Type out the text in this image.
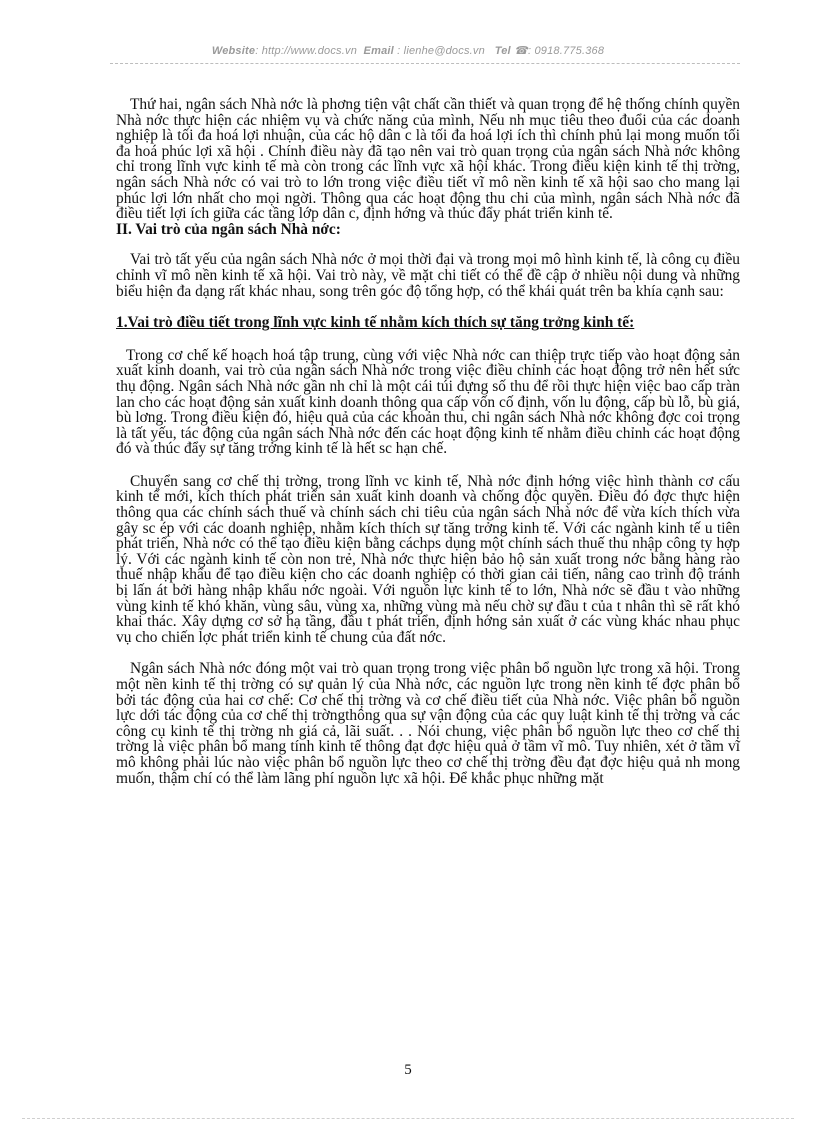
Website: http://www.docs.vn Email : lienhe@docs.vn Tel ☎: 0918.775.368

Thứ hai, ngân sách Nhà nớc là phơng tiện vật chất cần thiết và quan trọng để hệ thống chính quyền Nhà nớc thực hiện các nhiệm vụ và chức năng của mình, Nếu nh mục tiêu theo đuổi của các doanh nghiệp là tối đa hoá lợi nhuận, của các hộ dân c là tối đa hoá lợi ích thì chính phủ lại mong muốn tối đa hoá phúc lợi xã hội . Chính điều này đã tạo nên vai trò quan trọng của ngân sách Nhà nớc không chỉ trong lĩnh vực kinh tế mà còn trong các lĩnh vực xã hội khác. Trong điều kiện kinh tế thị trờng, ngân sách Nhà nớc có vai trò to lớn trong việc điều tiết vĩ mô nền kinh tế xã hội sao cho mang lại phúc lợi lớn nhất cho mọi ngời. Thông qua các hoạt động thu chi của mình, ngân sách Nhà nớc đã điều tiết lợi ích giữa các tầng lớp dân c, định hớng và thúc đẩy phát triển kinh tế.

II. Vai trò của ngân sách Nhà nớc:

Vai trò tất yếu của ngân sách Nhà nớc ở mọi thời đại và trong mọi mô hình kinh tế, là công cụ điều chỉnh vĩ mô nền kinh tế xã hội. Vai trò này, về mặt chi tiết có thể đề cập ở nhiều nội dung và những biểu hiện đa dạng rất khác nhau, song trên góc độ tổng hợp, có thể khái quát trên ba khía cạnh sau:

1.Vai trò điều tiết trong lĩnh vực kinh tế nhằm kích thích sự tăng trởng kinh tế:

Trong cơ chế kế hoạch hoá tập trung, cùng với việc Nhà nớc can thiệp trực tiếp vào hoạt động sản xuất kinh doanh, vai trò của ngân sách Nhà nớc trong việc điều chỉnh các hoạt động trở nên hết sức thụ động. Ngân sách Nhà nớc gần nh chỉ là một cái túi đựng số thu để rồi thực hiện việc bao cấp tràn lan cho các hoạt động sản xuất kinh doanh thông qua cấp vốn cố định, vốn lu động, cấp bù lỗ, bù giá, bù lơng. Trong điều kiện đó, hiệu quả của các khoản thu, chi ngân sách Nhà nớc không đợc coi trọng là tất yếu, tác động của ngân sách Nhà nớc đến các hoạt động kinh tế nhằm điều chỉnh các hoạt động đó và thúc đẩy sự tăng trởng kinh tế là hết sc hạn chế.

Chuyển sang cơ chế thị trờng, trong lĩnh vc kinh tế, Nhà nớc định hớng việc hình thành cơ cấu kinh tế mới, kích thích phát triển sản xuất kinh doanh và chống độc quyền. Điều đó đợc thực hiện thông qua các chính sách thuế và chính sách chi tiêu của ngân sách Nhà nớc để vừa kích thích vừa gây sc ép với các doanh nghiệp, nhằm kích thích sự tăng trởng kinh tế. Với các ngành kinh tế u tiên phát triển, Nhà nớc có thể tạo điều kiện bằng cáchps dụng một chính sách thuế thu nhập công ty hợp lý. Với các ngành kinh tế còn non trẻ, Nhà nớc thực hiện bảo hộ sản xuất trong nớc bằng hàng rào thuế nhập khẩu để tạo điều kiện cho các doanh nghiệp có thời gian cải tiến, nâng cao trình độ tránh bị lấn át bởi hàng nhập khẩu nớc ngoài. Với nguồn lực kinh tế to lớn, Nhà nớc sẽ đầu t vào những vùng kinh tế khó khăn, vùng sâu, vùng xa, những vùng mà nếu chờ sự đầu t của t nhân thì sẽ rất khó khai thác. Xây dựng cơ sở hạ tầng, đầu t phát triển, định hớng sản xuất ở các vùng khác nhau phục vụ cho chiến lợc phát triển kinh tế chung của đất nớc.

Ngân sách Nhà nớc đóng một vai trò quan trọng trong việc phân bổ nguồn lực trong xã hội. Trong một nền kinh tế thị trờng có sự quản lý của Nhà nớc, các nguồn lực trong nền kinh tế đợc phân bổ bởi tác động của hai cơ chế: Cơ chế thị trờng và cơ chế điều tiết của Nhà nớc. Việc phân bổ nguồn lực dới tác động của cơ chế thị trờngthông qua sự vận động của các quy luật kinh tế thị trờng và các công cụ kinh tế thị trờng nh giá cả, lãi suất. . . Nói chung, việc phân bổ nguồn lực theo cơ chế thị trờng là việc phân bổ mang tính kinh tế thông đạt đợc hiệu quả ở tầm vĩ mô. Tuy nhiên, xét ở tầm vĩ mô không phải lúc nào việc phân bổ nguồn lực theo cơ chế thị trờng đều đạt đợc hiệu quả nh mong muốn, thậm chí có thể làm lãng phí nguồn lực xã hội. Để khắc phục những mặt

5
